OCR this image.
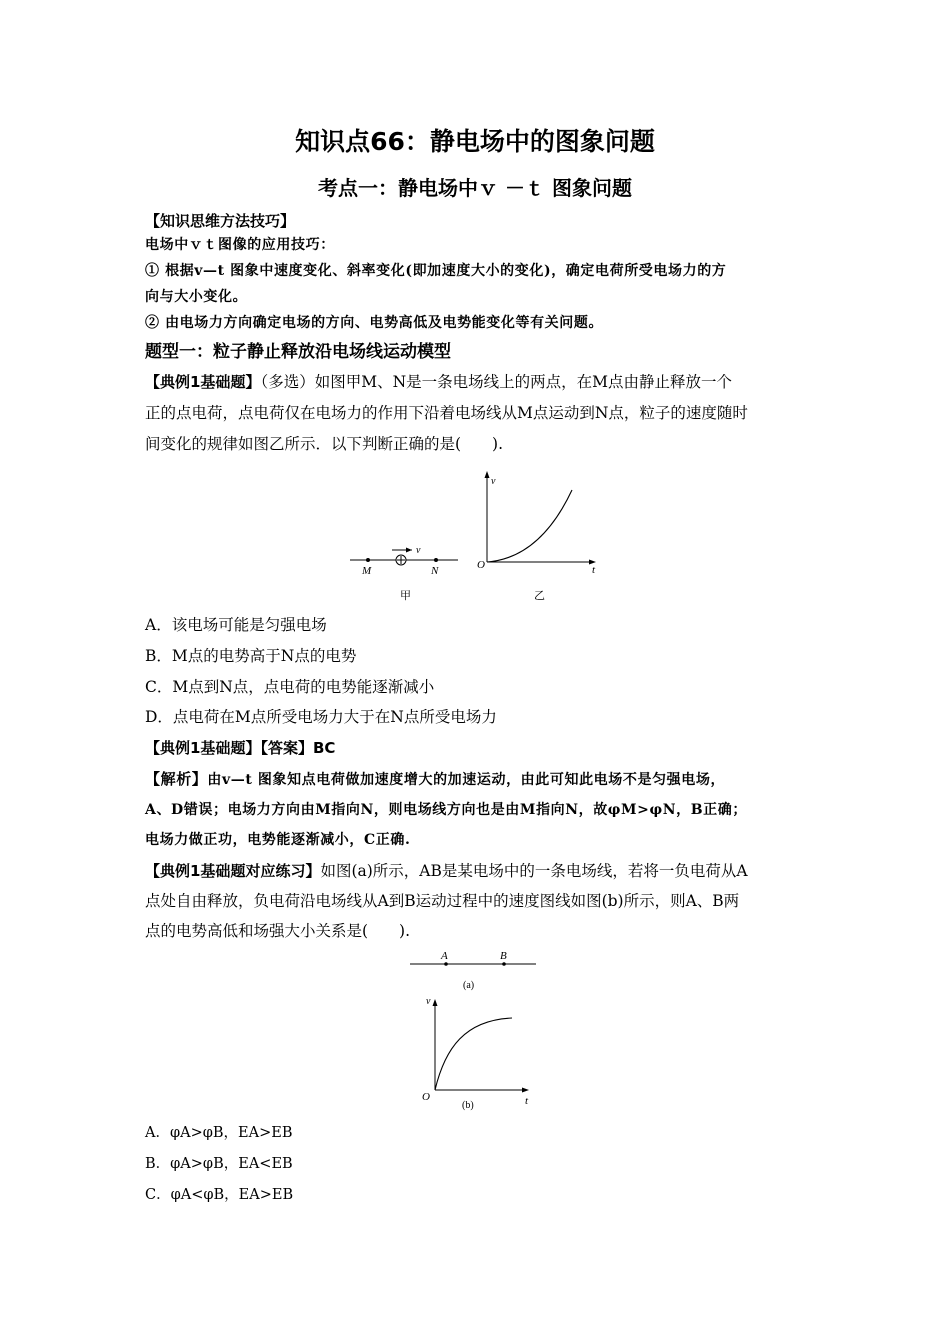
知识点66：静电场中的图象问题
考点一：静电场中ｖ －ｔ 图象问题
【知识思维方法技巧】
电场中ｖｔ图像的应用技巧：
① 根据v—t 图象中速度变化、斜率变化(即加速度大小的变化)，确定电荷所受电场力的方
向与大小变化。
② 由电场力方向确定电场的方向、电势高低及电势能变化等有关问题。
题型一：粒子静止释放沿电场线运动模型
【典例1基础题】（多选）如图甲M、N是一条电场线上的两点，在M点由静止释放一个
正的点电荷，点电荷仅在电场力的作用下沿着电场线从M点运动到N点，粒子的速度随时
间变化的规律如图乙所示．以下判断正确的是(　　).
v
M	N
甲
v
t
O
乙
A．该电场可能是匀强电场
B．M点的电势高于N点的电势
C．M点到N点，点电荷的电势能逐渐减小
D．点电荷在M点所受电场力大于在N点所受电场力
【典例1基础题】【答案】BC
【解析】由v—t 图象知点电荷做加速度增大的加速运动，由此可知此电场不是匀强电场，
A、D错误；电场力方向由M指向N，则电场线方向也是由M指向N，故φM>φN，B正确；
电场力做正功，电势能逐渐减小，C正确.
【典例1基础题对应练习】如图(a)所示，AB是某电场中的一条电场线，若将一负电荷从A
点处自由释放，负电荷沿电场线从A到B运动过程中的速度图线如图(b)所示，则A、B两
点的电势高低和场强大小关系是(　　).
A	B
(a)
v
t
O
(b)
A．φA>φB，EA>EB
B．φA>φB，EA<EB
C．φA<φB，EA>EB
